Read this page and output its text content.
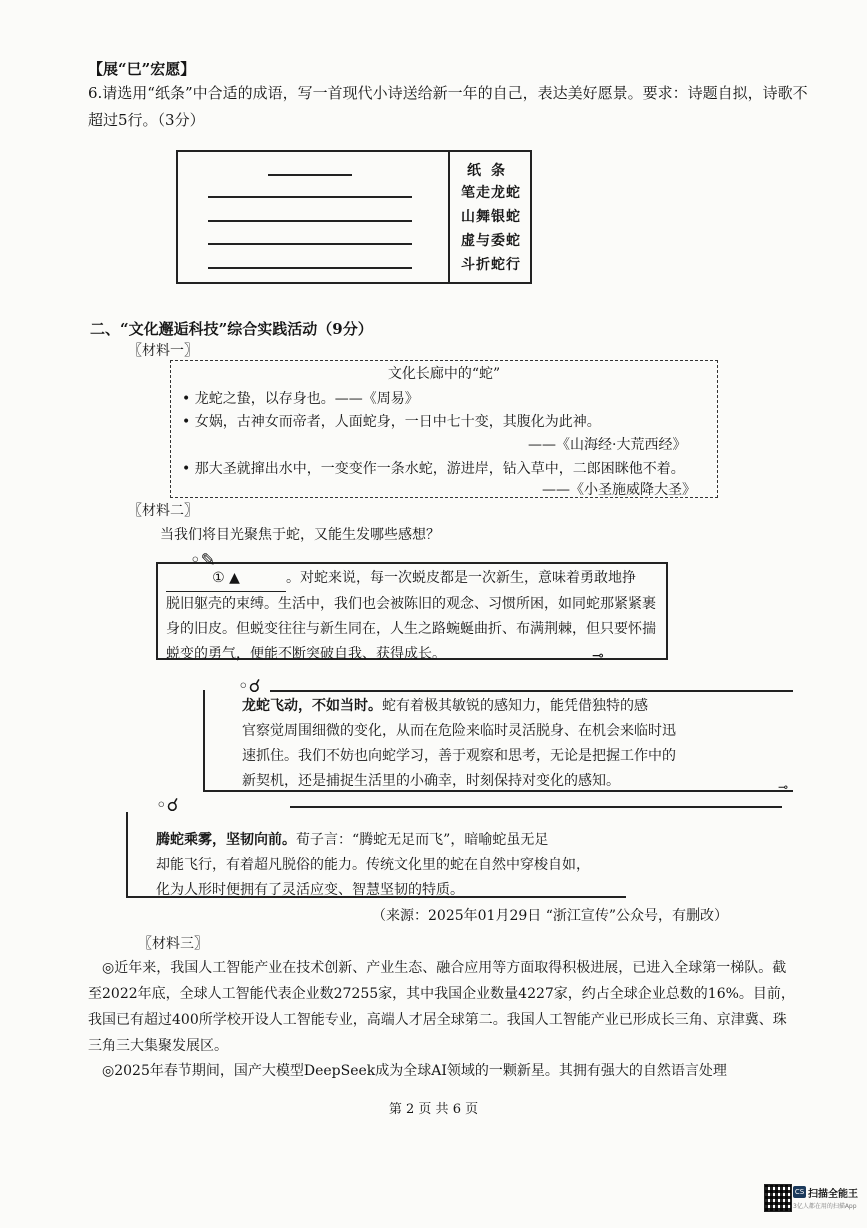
【展“巳”宏愿】
6.请选用“纸条”中合适的成语，写一首现代小诗送给新一年的自己，表达美好愿景。要求：诗题自拟，诗歌不超过5行。（3分）
纸条
笔走龙蛇
山舞银蛇
虚与委蛇
斗折蛇行
二、“文化邂逅科技”综合实践活动（9分）
〖材料一〗
文化长廊中的“蛇”
• 龙蛇之蛰，以存身也。——《周易》
• 女娲，古神女而帝者，人面蛇身，一日中七十变，其腹化为此神。
——《山海经·大荒西经》
• 那大圣就撺出水中，一变变作一条水蛇，游进岸，钻入草中，二郎困眯他不着。
——《小圣施威降大圣》
〖材料二〗
当我们将目光聚焦于蛇，又能生发哪些感想？
◦✎
⊸
① ▲	。对蛇来说，每一次蜕皮都是一次新生，意味着勇敢地挣
脱旧躯壳的束缚。生活中，我们也会被陈旧的观念、习惯所困，如同蛇那紧紧裹
身的旧皮。但蜕变往往与新生同在，人生之路蜿蜒曲折、布满荆棘，但只要怀揣
蜕变的勇气，便能不断突破自我、获得成长。
◦☌
⊸
龙蛇飞动，不如当时。蛇有着极其敏锐的感知力，能凭借独特的感
官察觉周围细微的变化，从而在危险来临时灵活脱身、在机会来临时迅
速抓住。我们不妨也向蛇学习，善于观察和思考，无论是把握工作中的
新契机，还是捕捉生活里的小确幸，时刻保持对变化的感知。
◦☌
腾蛇乘雾，坚韧向前。荀子言：“腾蛇无足而飞”，暗喻蛇虽无足
却能飞行，有着超凡脱俗的能力。传统文化里的蛇在自然中穿梭自如，
化为人形时便拥有了灵活应变、智慧坚韧的特质。
（来源：2025年01月29日 “浙江宣传”公众号，有删改）
〖材料三〗
◎近年来，我国人工智能产业在技术创新、产业生态、融合应用等方面取得积极进展，已进入全球第一梯队。截至2022年底，全球人工智能代表企业数27255家，其中我国企业数量4227家，约占全球企业总数的16%。目前，我国已有超过400所学校开设人工智能专业，高端人才居全球第二。我国人工智能产业已形成长三角、京津冀、珠三角三大集聚发展区。
◎2025年春节期间，国产大模型DeepSeek成为全球AI领域的一颗新星。其拥有强大的自然语言处理
第 2 页 共 6 页
CS 扫描全能王
3亿人都在用的扫描App
